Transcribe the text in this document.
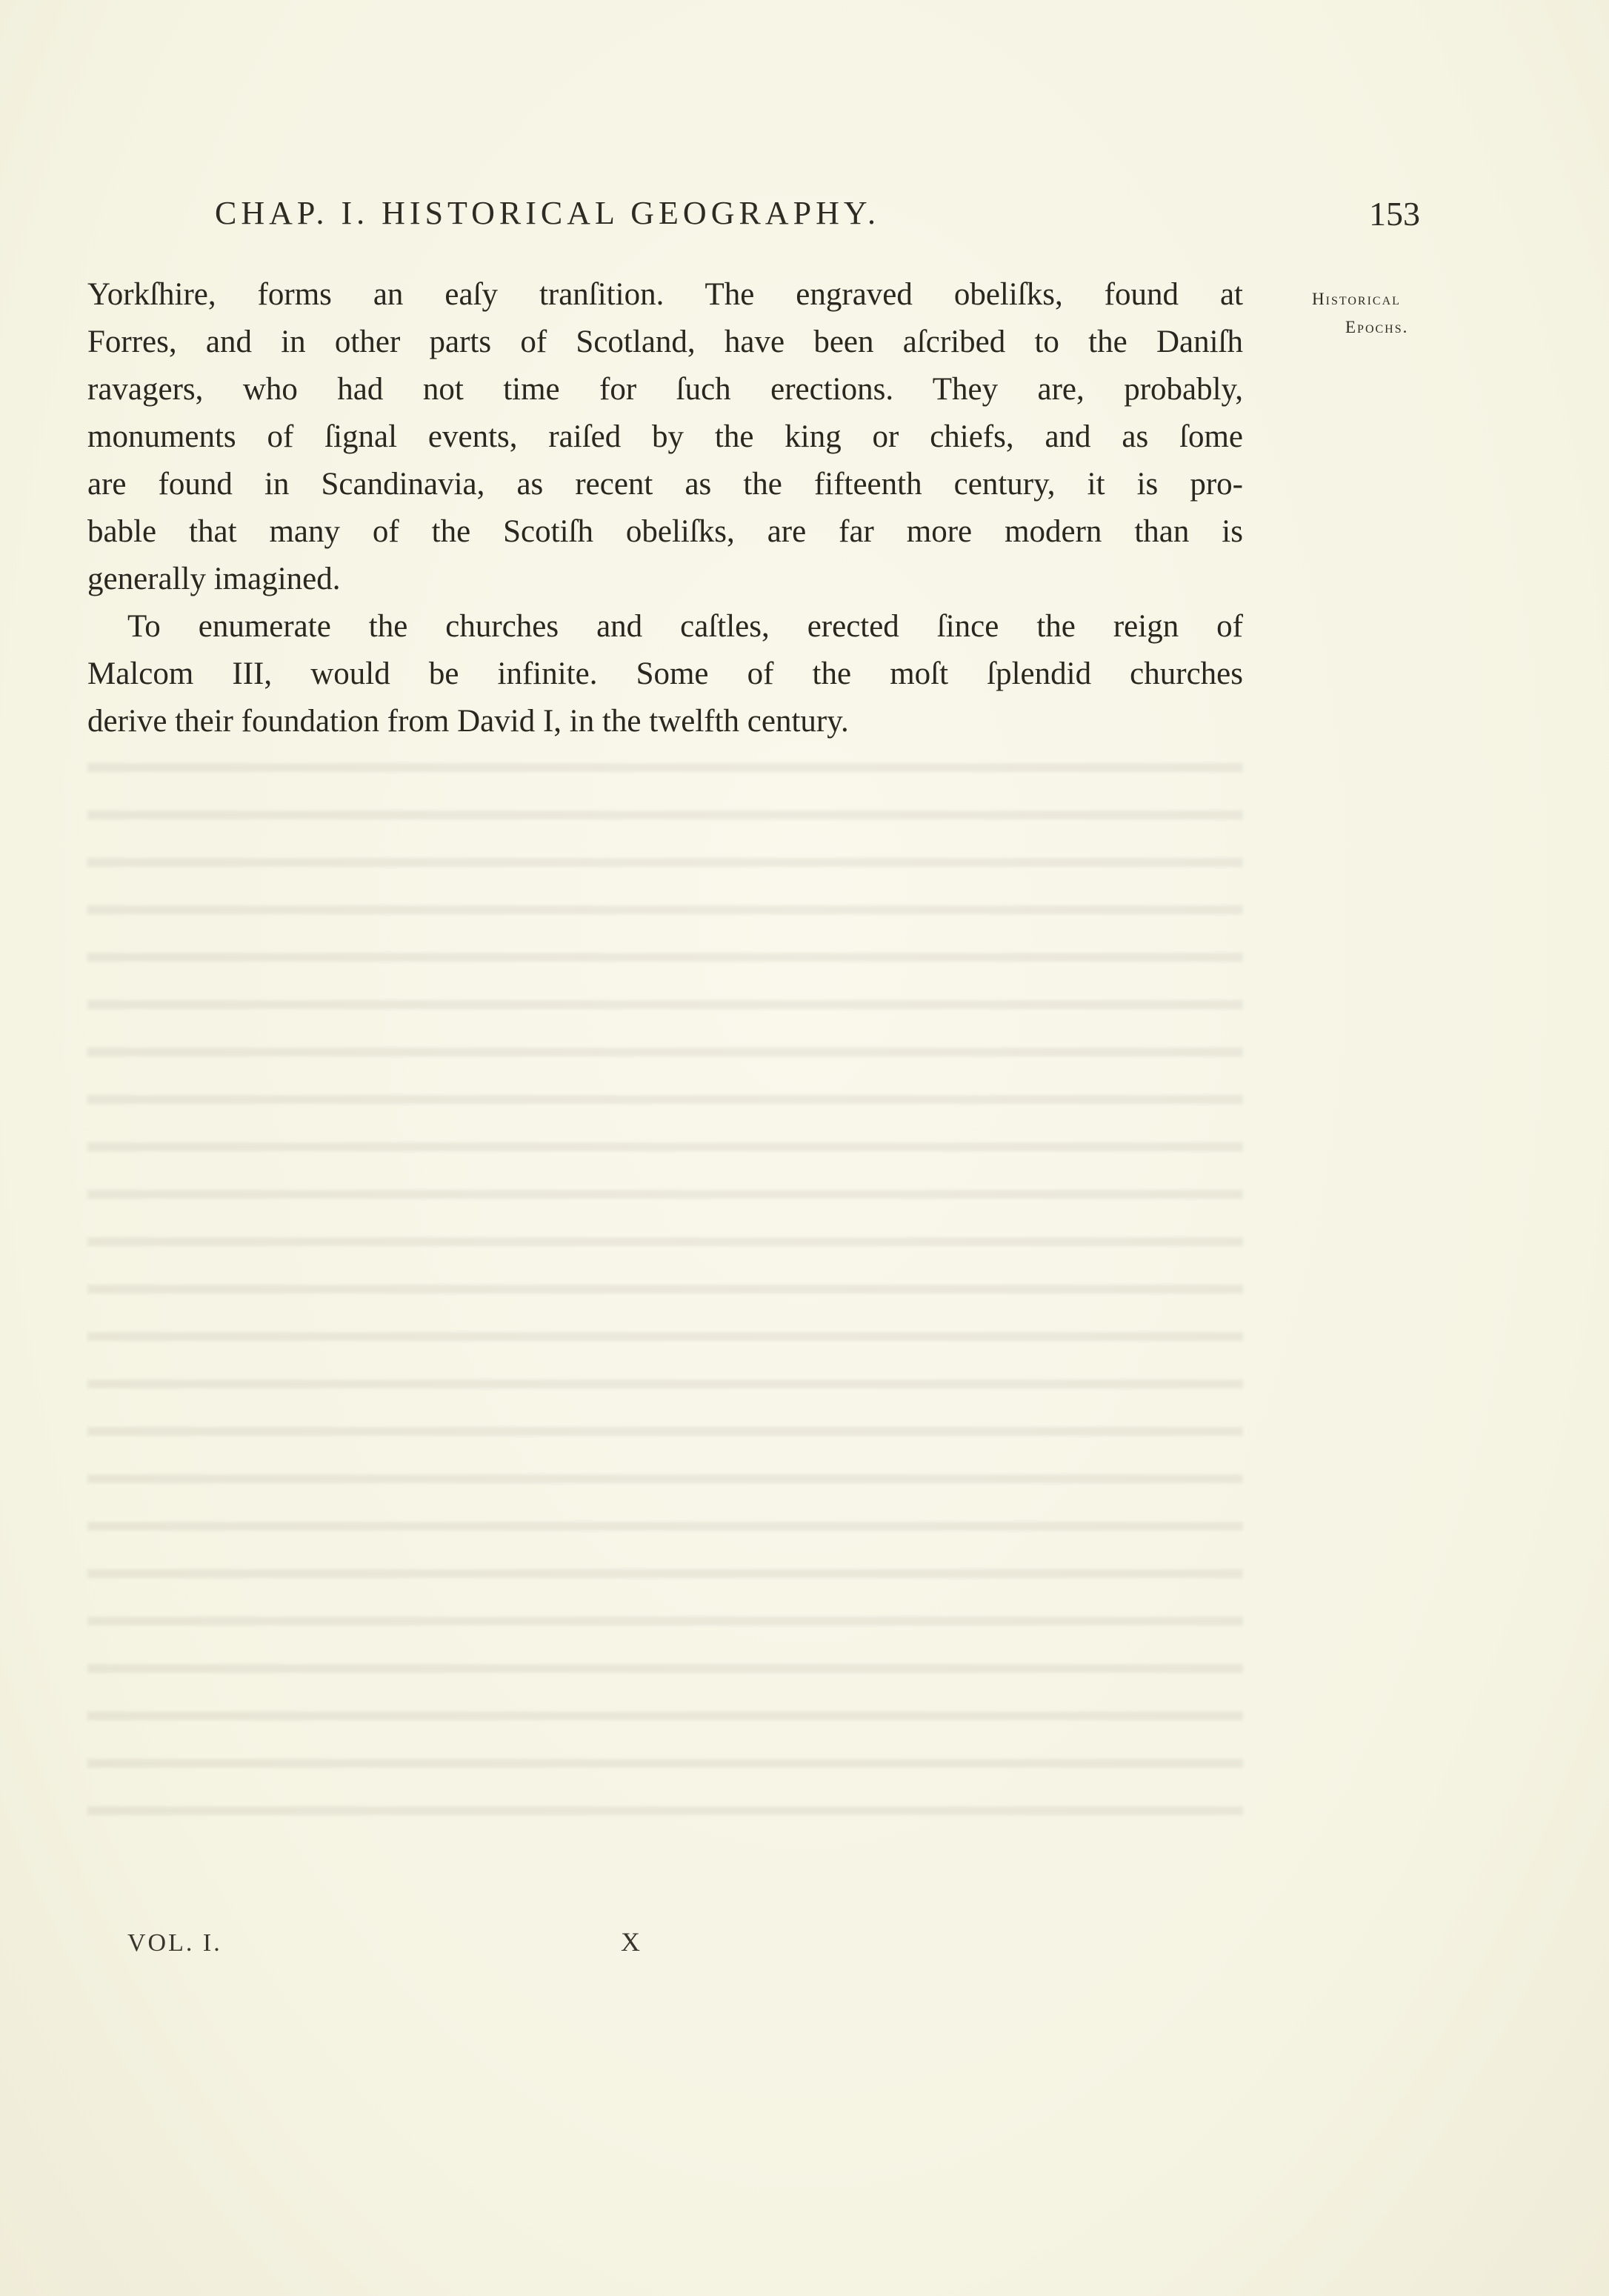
CHAP. I. HISTORICAL GEOGRAPHY.	153
Historical
Epochs.
Yorkſhire, forms an eaſy tranſition. The engraved obeliſks, found at
Forres, and in other parts of Scotland, have been aſcribed to the Daniſh
ravagers, who had not time for ſuch erections. They are, probably,
monuments of ſignal events, raiſed by the king or chiefs, and as ſome
are found in Scandinavia, as recent as the fifteenth century, it is pro-
bable that many of the Scotiſh obeliſks, are far more modern than is
generally imagined.
To enumerate the churches and caſtles, erected ſince the reign of
Malcom III, would be infinite. Some of the moſt ſplendid churches
derive their foundation from David I, in the twelfth century.
VOL. I.	X
